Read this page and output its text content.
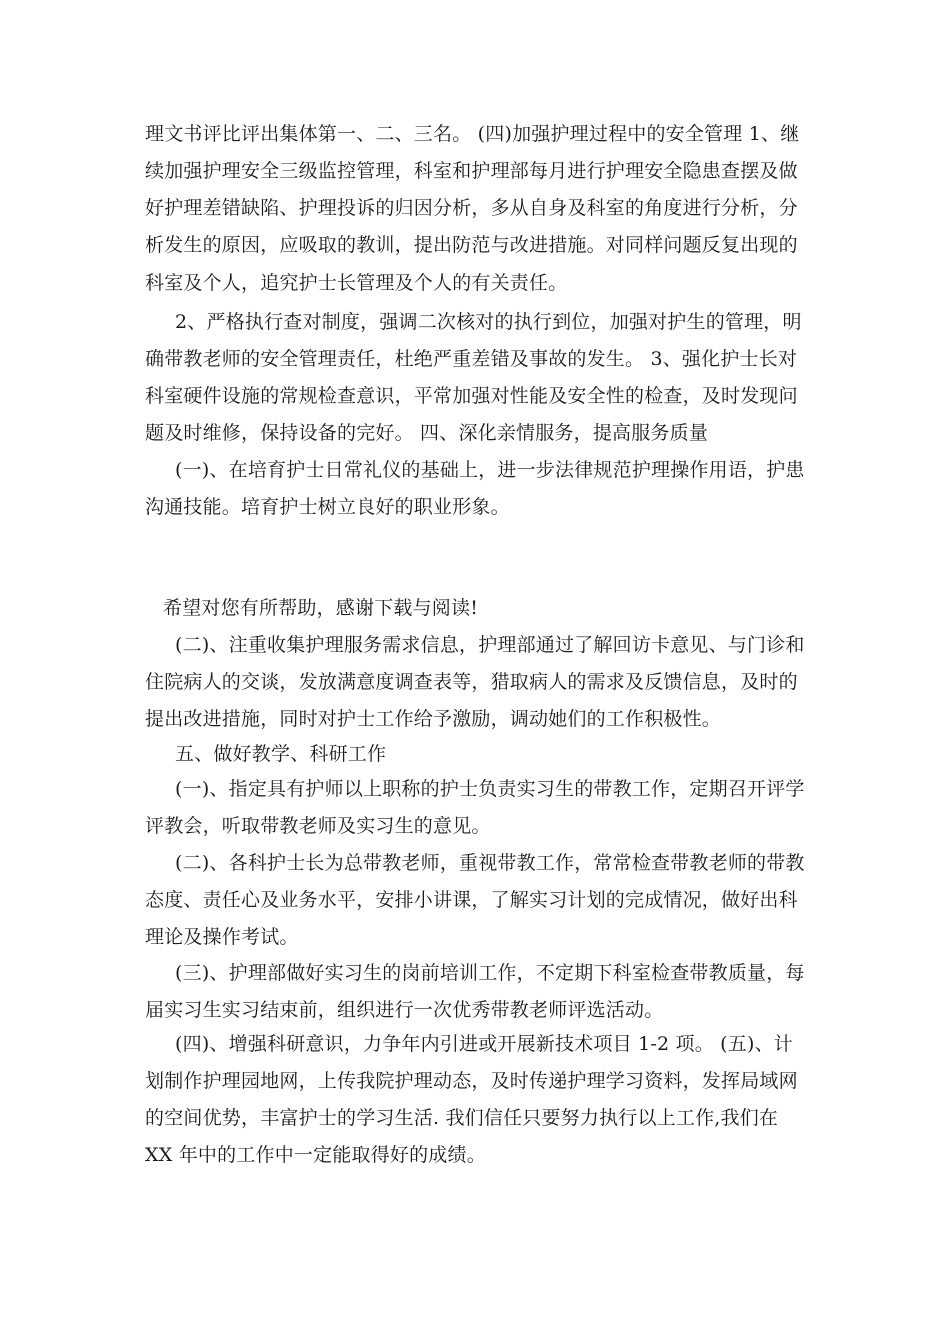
理文书评比评出集体第一、二、三名。 (四)加强护理过程中的安全管理 1、继
续加强护理安全三级监控管理，科室和护理部每月进行护理安全隐患查摆及做
好护理差错缺陷、护理投诉的归因分析，多从自身及科室的角度进行分析，分
析发生的原因，应吸取的教训，提出防范与改进措施。对同样问题反复出现的
科室及个人，追究护士长管理及个人的有关责任。
2、严格执行查对制度，强调二次核对的执行到位，加强对护生的管理，明
确带教老师的安全管理责任，杜绝严重差错及事故的发生。 3、强化护士长对
科室硬件设施的常规检查意识，平常加强对性能及安全性的检查，及时发现问
题及时维修，保持设备的完好。 四、深化亲情服务，提高服务质量
(一)、在培育护士日常礼仪的基础上，进一步法律规范护理操作用语，护患
沟通技能。培育护士树立良好的职业形象。
希望对您有所帮助，感谢下载与阅读!
(二)、注重收集护理服务需求信息，护理部通过了解回访卡意见、与门诊和
住院病人的交谈，发放满意度调查表等，猎取病人的需求及反馈信息，及时的
提出改进措施，同时对护士工作给予激励，调动她们的工作积极性。
五、做好教学、科研工作
(一)、指定具有护师以上职称的护士负责实习生的带教工作，定期召开评学
评教会，听取带教老师及实习生的意见。
(二)、各科护士长为总带教老师，重视带教工作，常常检查带教老师的带教
态度、责任心及业务水平，安排小讲课，了解实习计划的完成情况，做好出科
理论及操作考试。
(三)、护理部做好实习生的岗前培训工作，不定期下科室检查带教质量，每
届实习生实习结束前，组织进行一次优秀带教老师评选活动。
(四)、增强科研意识，力争年内引进或开展新技术项目 1-2 项。 (五)、计
划制作护理园地网，上传我院护理动态，及时传递护理学习资料，发挥局域网
的空间优势，丰富护士的学习生活. 我们信任只要努力执行以上工作,我们在
XX 年中的工作中一定能取得好的成绩。
